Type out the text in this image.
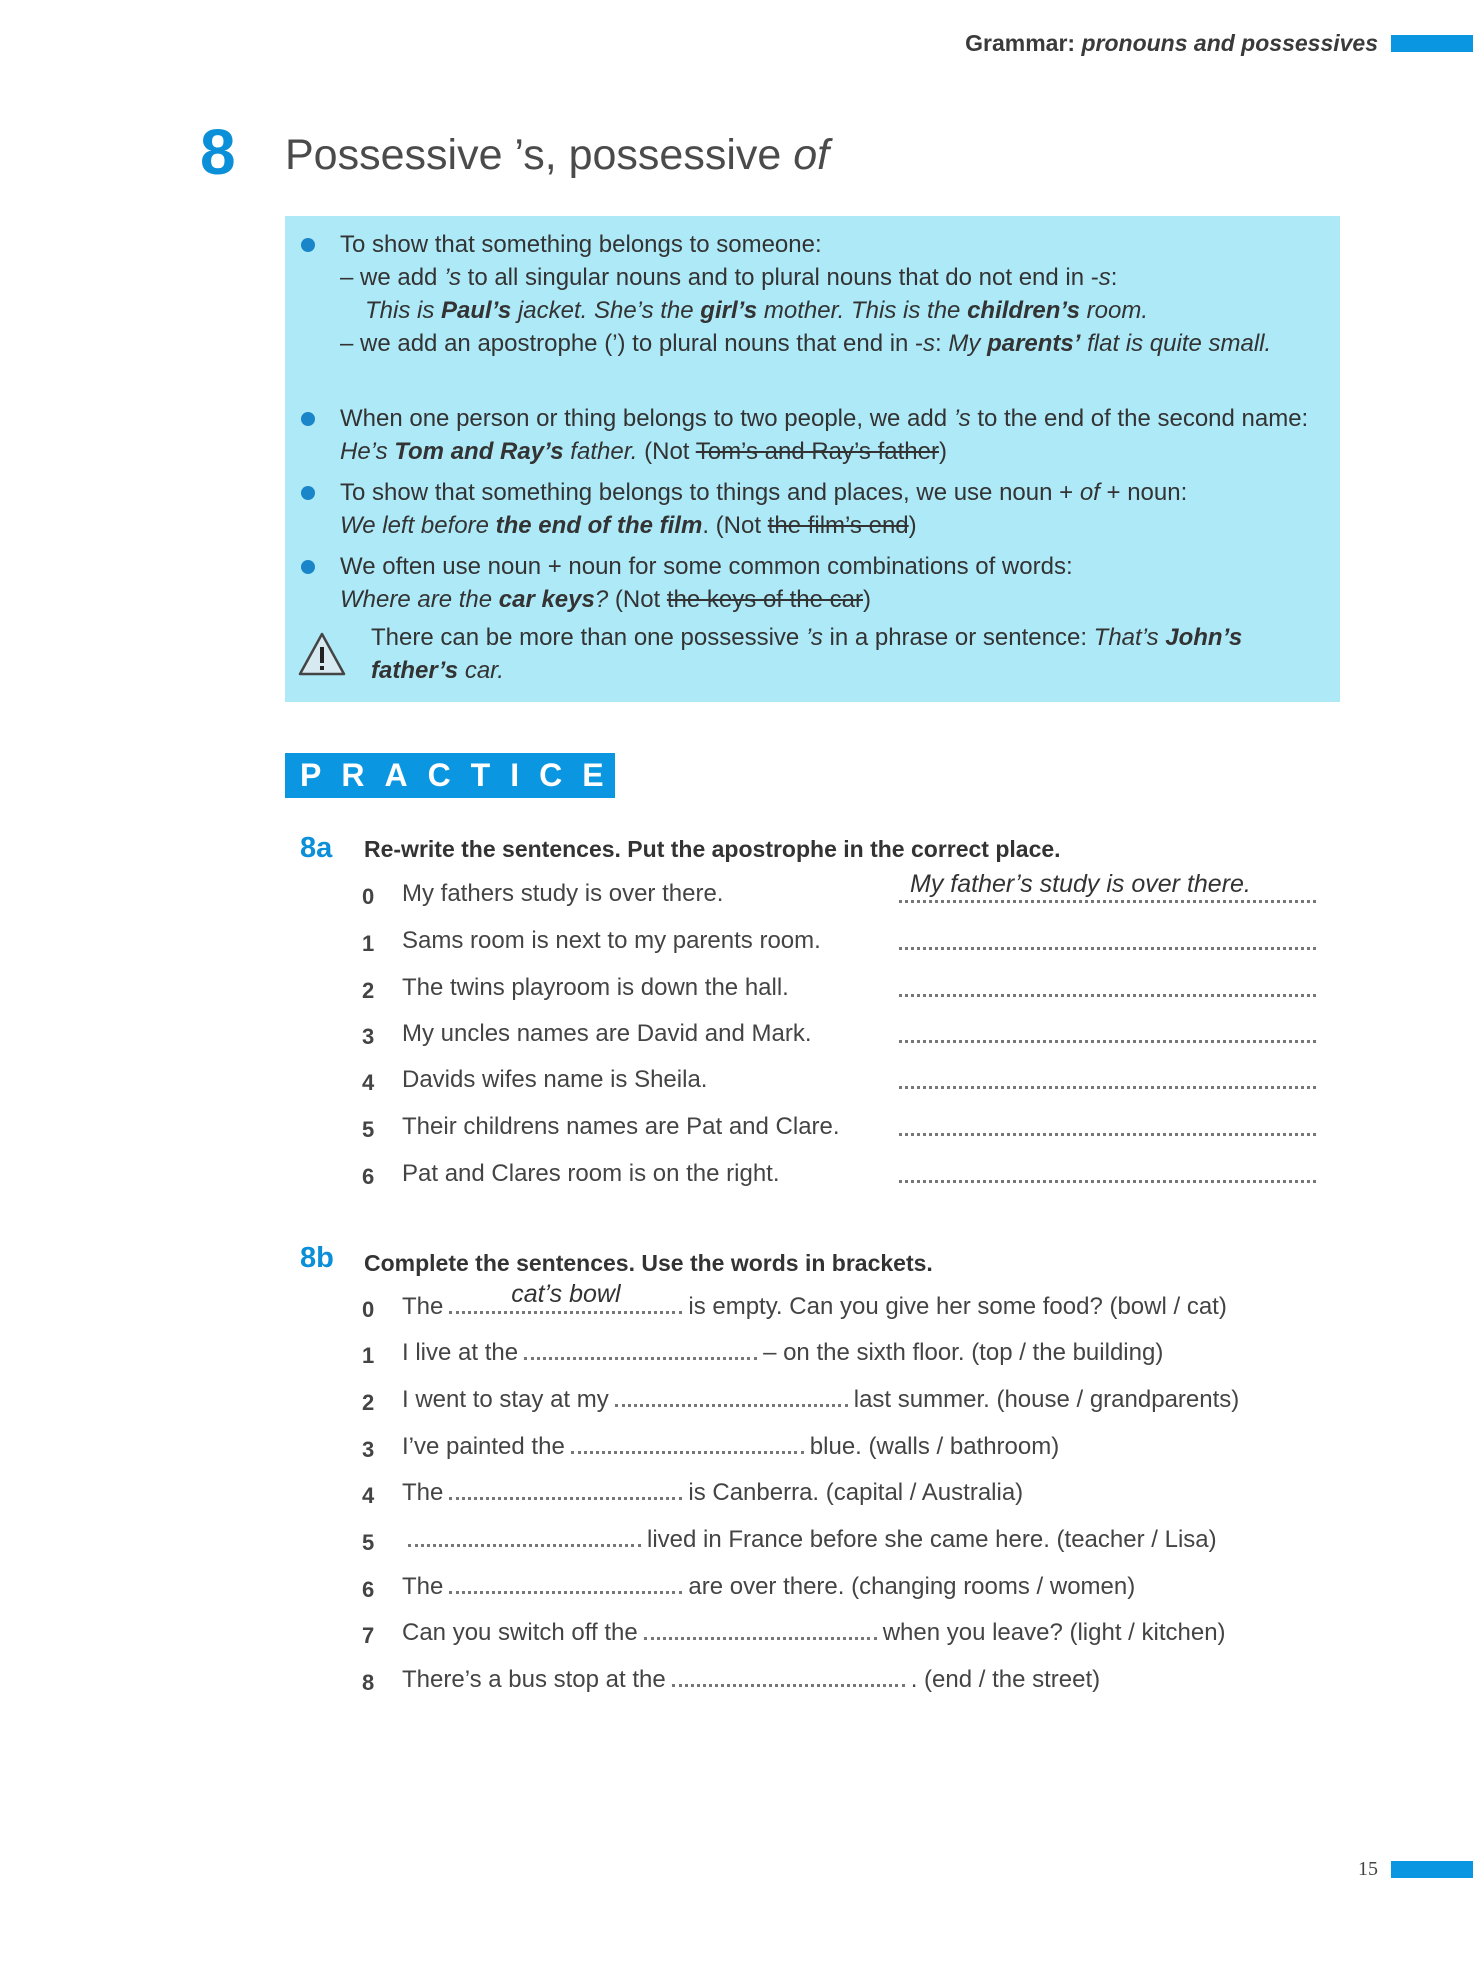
Grammar: pronouns and possessives
8 Possessive ’s, possessive of
To show that something belongs to someone:
– we add ’s to all singular nouns and to plural nouns that do not end in -s:
This is Paul’s jacket. She’s the girl’s mother. This is the children’s room.
– we add an apostrophe (’) to plural nouns that end in -s: My parents’ flat is quite small.
When one person or thing belongs to two people, we add ’s to the end of the second name: He’s Tom and Ray’s father. (Not Tom’s and Ray’s father)
To show that something belongs to things and places, we use noun + of + noun:
We left before the end of the film. (Not the film’s end)
We often use noun + noun for some common combinations of words:
Where are the car keys? (Not the keys of the car)
There can be more than one possessive ’s in a phrase or sentence: That’s John’s father’s car.
PRACTICE
8a Re-write the sentences. Put the apostrophe in the correct place.
0 My fathers study is over there.	My father’s study is over there.
1 Sams room is next to my parents room.
2 The twins playroom is down the hall.
3 My uncles names are David and Mark.
4 Davids wifes name is Sheila.
5 Their childrens names are Pat and Clare.
6 Pat and Clares room is on the right.
8b Complete the sentences. Use the words in brackets.
0 The	cat’s bowl	is empty. Can you give her some food? (bowl / cat)
1 I live at the	– on the sixth floor. (top / the building)
2 I went to stay at my	last summer. (house / grandparents)
3 I’ve painted the	blue. (walls / bathroom)
4 The	is Canberra. (capital / Australia)
5	lived in France before she came here. (teacher / Lisa)
6 The	are over there. (changing rooms / women)
7 Can you switch off the	when you leave? (light / kitchen)
8 There’s a bus stop at the	. (end / the street)
15
